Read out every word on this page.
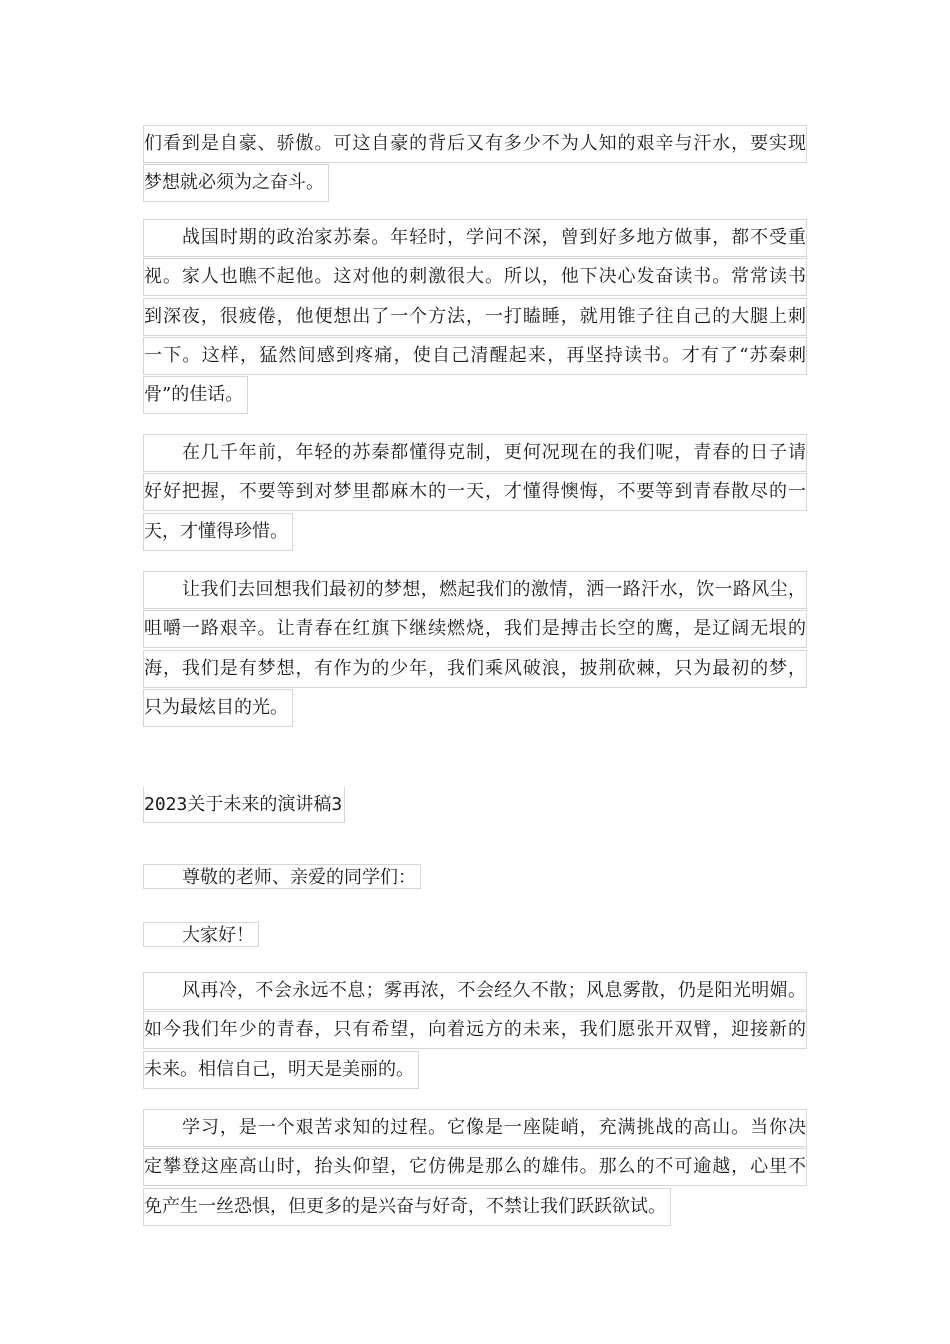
们看到是自豪、骄傲。可这自豪的背后又有多少不为人知的艰辛与汗水，要实现
梦想就必须为之奋斗。
战国时期的政治家苏秦。年轻时，学问不深，曾到好多地方做事，都不受重
视。家人也瞧不起他。这对他的刺激很大。所以，他下决心发奋读书。常常读书
到深夜，很疲倦，他便想出了一个方法，一打瞌睡，就用锥子往自己的大腿上刺
一下。这样，猛然间感到疼痛，使自己清醒起来，再坚持读书。才有了“苏秦刺
骨”的佳话。
在几千年前，年轻的苏秦都懂得克制，更何况现在的我们呢，青春的日子请
好好把握，不要等到对梦里都麻木的一天，才懂得懊悔，不要等到青春散尽的一
天，才懂得珍惜。
让我们去回想我们最初的梦想，燃起我们的激情，洒一路汗水，饮一路风尘，
咀嚼一路艰辛。让青春在红旗下继续燃烧，我们是搏击长空的鹰，是辽阔无垠的
海，我们是有梦想，有作为的少年，我们乘风破浪，披荆砍棘，只为最初的梦，
只为最炫目的光。
2023关于未来的演讲稿3
尊敬的老师、亲爱的同学们：
大家好！
风再冷，不会永远不息；雾再浓，不会经久不散；风息雾散，仍是阳光明媚。
如今我们年少的青春，只有希望，向着远方的未来，我们愿张开双臂，迎接新的
未来。相信自己，明天是美丽的。
学习，是一个艰苦求知的过程。它像是一座陡峭，充满挑战的高山。当你决
定攀登这座高山时，抬头仰望，它仿佛是那么的雄伟。那么的不可逾越，心里不
免产生一丝恐惧，但更多的是兴奋与好奇，不禁让我们跃跃欲试。
